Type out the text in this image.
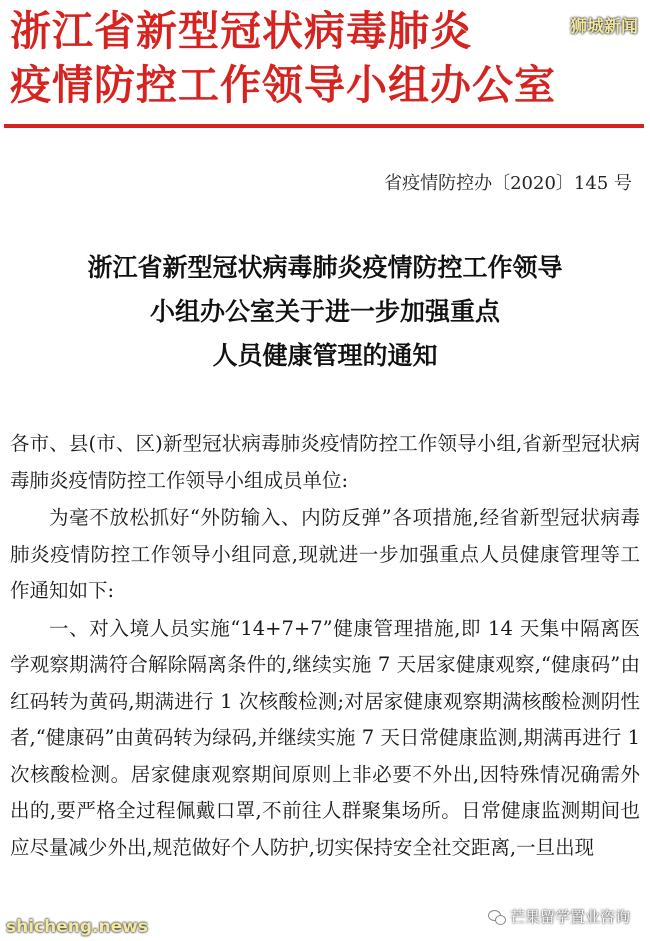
浙江省新型冠状病毒肺炎
疫情防控工作领导小组办公室
狮城新闻
省疫情防控办〔2020〕145 号
浙江省新型冠状病毒肺炎疫情防控工作领导
小组办公室关于进一步加强重点
人员健康管理的通知

各市、县(市、区)新型冠状病毒肺炎疫情防控工作领导小组,省新型冠状病毒肺炎疫情防控工作领导小组成员单位:

为毫不放松抓好“外防输入、内防反弹”各项措施,经省新型冠状病毒肺炎疫情防控工作领导小组同意,现就进一步加强重点人员健康管理等工作通知如下:

一、对入境人员实施“14+7+7”健康管理措施,即 14 天集中隔离医学观察期满符合解除隔离条件的,继续实施 7 天居家健康观察,“健康码”由红码转为黄码,期满进行 1 次核酸检测;对居家健康观察期满核酸检测阴性者,“健康码”由黄码转为绿码,并继续实施 7 天日常健康监测,期满再进行 1 次核酸检测。居家健康观察期间原则上非必要不外出,因特殊情况确需外出的,要严格全过程佩戴口罩,不前往人群聚集场所。日常健康监测期间也应尽量减少外出,规范做好个人防护,切实保持安全社交距离,一旦出现

shicheng.news	芒果留学置业咨询
